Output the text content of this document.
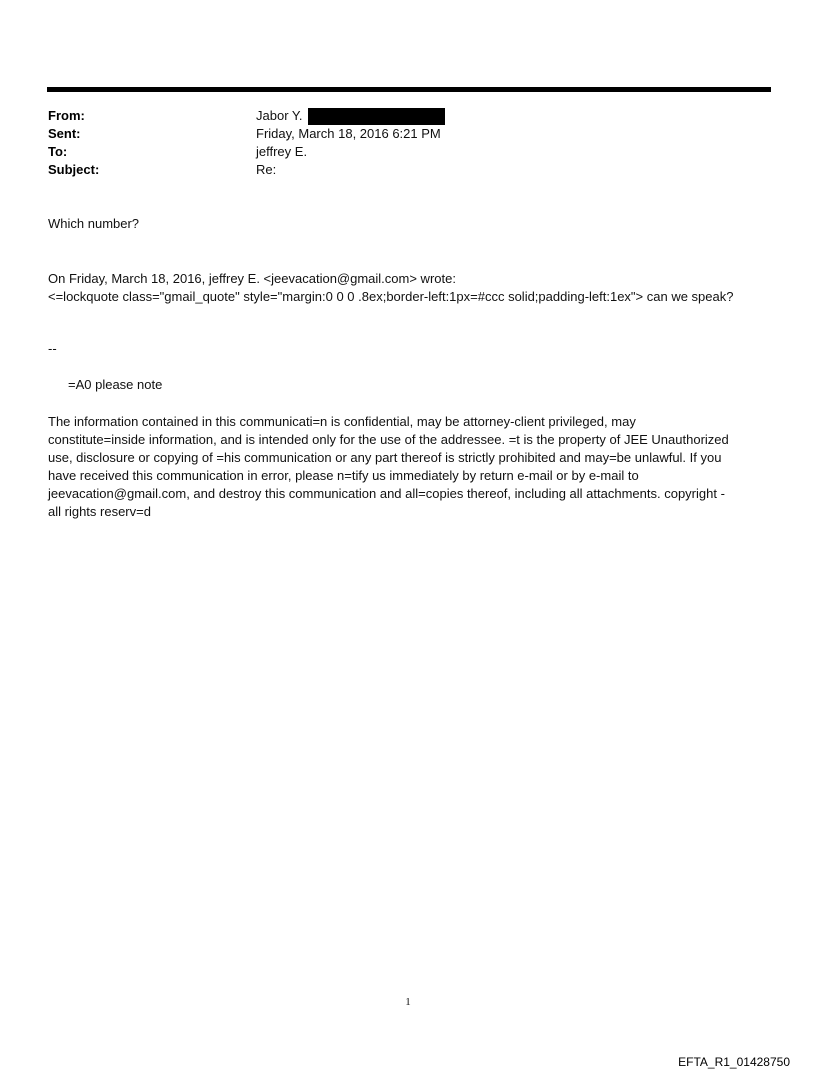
From:	Jabor Y.
Sent:	Friday, March 18, 2016 6:21 PM
To:	jeffrey E.
Subject:	Re:
Which number?
On Friday, March 18, 2016, jeffrey E. <jeevacation@gmail.com> wrote:
<=lockquote class="gmail_quote" style="margin:0 0 0 .8ex;border-left:1px=#ccc solid;padding-left:1ex"> can we speak?
--
=A0 please note
The information contained in this communicati=n is confidential, may be attorney-client privileged, may
constitute=inside information, and is intended only for the use of the addressee. =t is the property of JEE Unauthorized
use, disclosure or copying of =his communication or any part thereof is strictly prohibited and may=be unlawful. If you
have received this communication in error, please n=tify us immediately by return e-mail or by e-mail to
jeevacation@gmail.com, and destroy this communication and all=copies thereof, including all attachments. copyright -
all rights reserv=d
1
EFTA_R1_01428750
